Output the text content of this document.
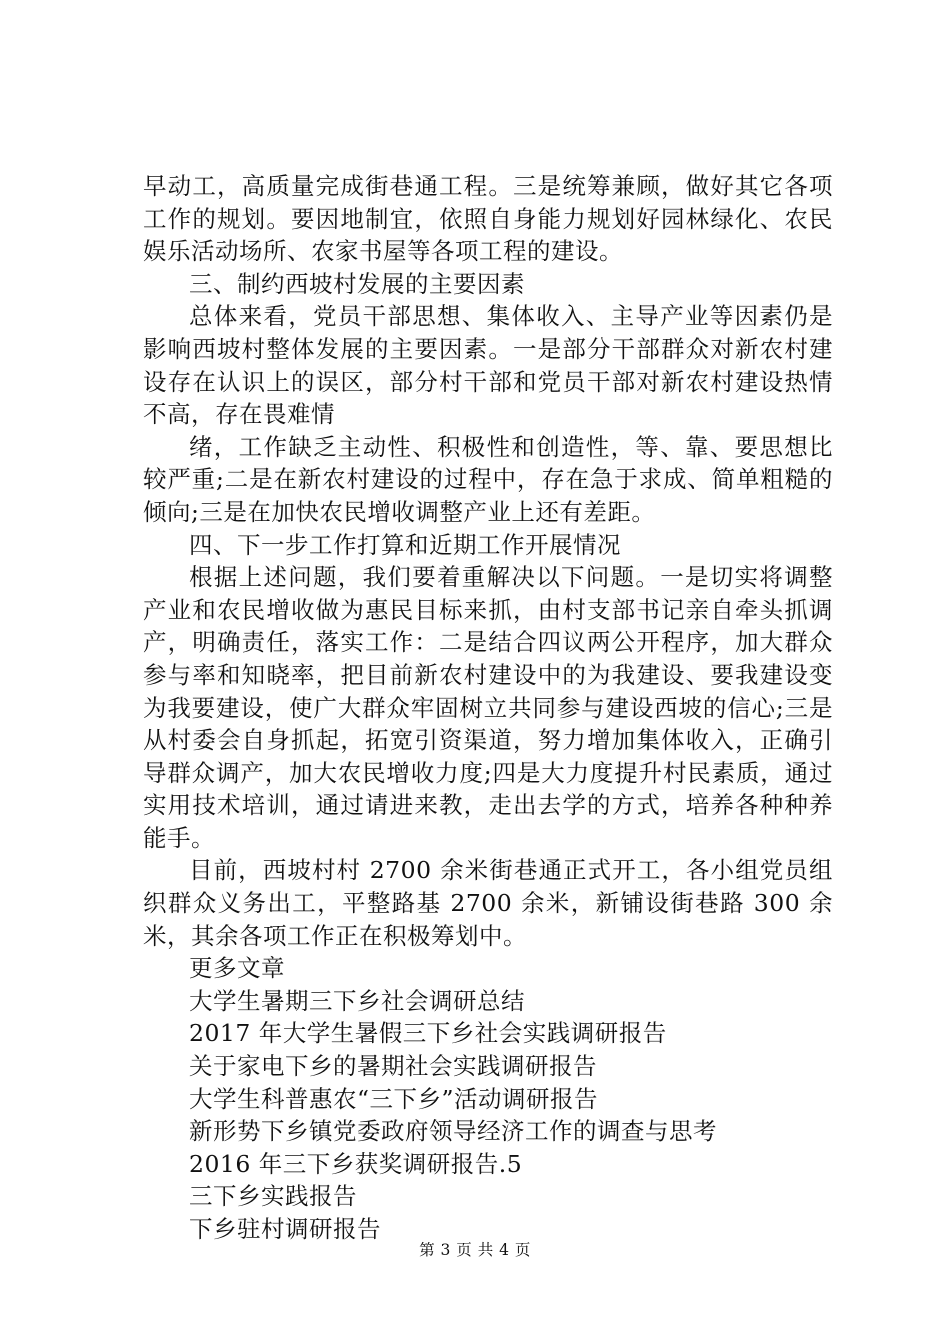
早动工，高质量完成街巷通工程。三是统筹兼顾，做好其它各项工作的规划。要因地制宜，依照自身能力规划好园林绿化、农民娱乐活动场所、农家书屋等各项工程的建设。

三、制约西坡村发展的主要因素

总体来看，党员干部思想、集体收入、主导产业等因素仍是影响西坡村整体发展的主要因素。一是部分干部群众对新农村建设存在认识上的误区，部分村干部和党员干部对新农村建设热情不高，存在畏难情

绪，工作缺乏主动性、积极性和创造性，等、靠、要思想比较严重;二是在新农村建设的过程中，存在急于求成、简单粗糙的倾向;三是在加快农民增收调整产业上还有差距。

四、下一步工作打算和近期工作开展情况

根据上述问题，我们要着重解决以下问题。一是切实将调整产业和农民增收做为惠民目标来抓，由村支部书记亲自牵头抓调产，明确责任，落实工作：二是结合四议两公开程序，加大群众参与率和知晓率，把目前新农村建设中的为我建设、要我建设变为我要建设，使广大群众牢固树立共同参与建设西坡的信心;三是从村委会自身抓起，拓宽引资渠道，努力增加集体收入，正确引导群众调产，加大农民增收力度;四是大力度提升村民素质，通过实用技术培训，通过请进来教，走出去学的方式，培养各种种养能手。

目前，西坡村村 2700 余米街巷通正式开工，各小组党员组织群众义务出工，平整路基 2700 余米，新铺设街巷路 300 余米，其余各项工作正在积极筹划中。

更多文章
大学生暑期三下乡社会调研总结
2017 年大学生暑假三下乡社会实践调研报告
关于家电下乡的暑期社会实践调研报告
大学生科普惠农“三下乡”活动调研报告
新形势下乡镇党委政府领导经济工作的调查与思考
2016 年三下乡获奖调研报告.5
三下乡实践报告
下乡驻村调研报告
第 3 页 共 4 页
